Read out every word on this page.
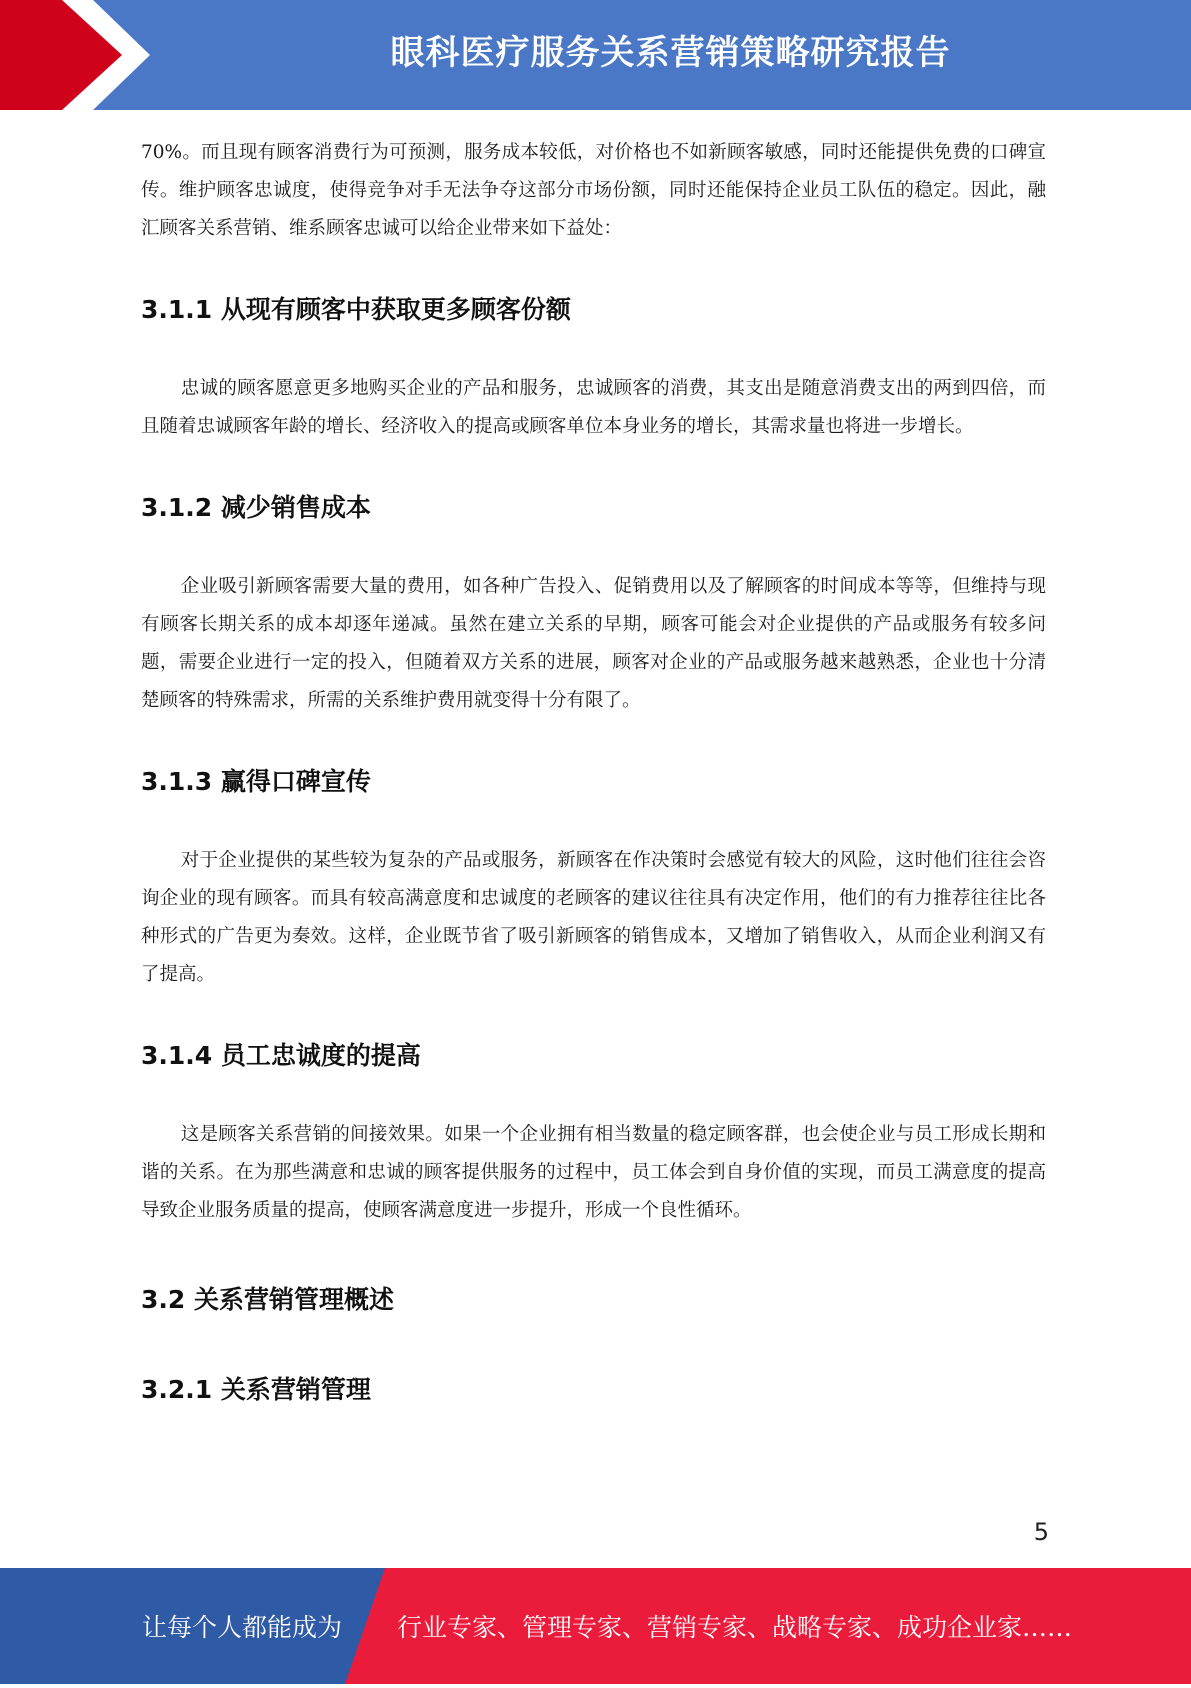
眼科医疗服务关系营销策略研究报告

70%。而且现有顾客消费行为可预测，服务成本较低，对价格也不如新顾客敏感，同时还能提供免费的口碑宣传。维护顾客忠诚度，使得竞争对手无法争夺这部分市场份额，同时还能保持企业员工队伍的稳定。因此，融汇顾客关系营销、维系顾客忠诚可以给企业带来如下益处：

3.1.1 从现有顾客中获取更多顾客份额

忠诚的顾客愿意更多地购买企业的产品和服务，忠诚顾客的消费，其支出是随意消费支出的两到四倍，而且随着忠诚顾客年龄的增长、经济收入的提高或顾客单位本身业务的增长，其需求量也将进一步增长。

3.1.2 减少销售成本

企业吸引新顾客需要大量的费用，如各种广告投入、促销费用以及了解顾客的时间成本等等，但维持与现有顾客长期关系的成本却逐年递减。虽然在建立关系的早期，顾客可能会对企业提供的产品或服务有较多问题，需要企业进行一定的投入，但随着双方关系的进展，顾客对企业的产品或服务越来越熟悉，企业也十分清楚顾客的特殊需求，所需的关系维护费用就变得十分有限了。

3.1.3 赢得口碑宣传

对于企业提供的某些较为复杂的产品或服务，新顾客在作决策时会感觉有较大的风险，这时他们往往会咨询企业的现有顾客。而具有较高满意度和忠诚度的老顾客的建议往往具有决定作用，他们的有力推荐往往比各种形式的广告更为奏效。这样，企业既节省了吸引新顾客的销售成本，又增加了销售收入，从而企业利润又有了提高。

3.1.4 员工忠诚度的提高

这是顾客关系营销的间接效果。如果一个企业拥有相当数量的稳定顾客群，也会使企业与员工形成长期和谐的关系。在为那些满意和忠诚的顾客提供服务的过程中，员工体会到自身价值的实现，而员工满意度的提高导致企业服务质量的提高，使顾客满意度进一步提升，形成一个良性循环。

3.2 关系营销管理概述
3.2.1 关系营销管理
5
让每个人都能成为 行业专家、管理专家、营销专家、战略专家、成功企业家……
